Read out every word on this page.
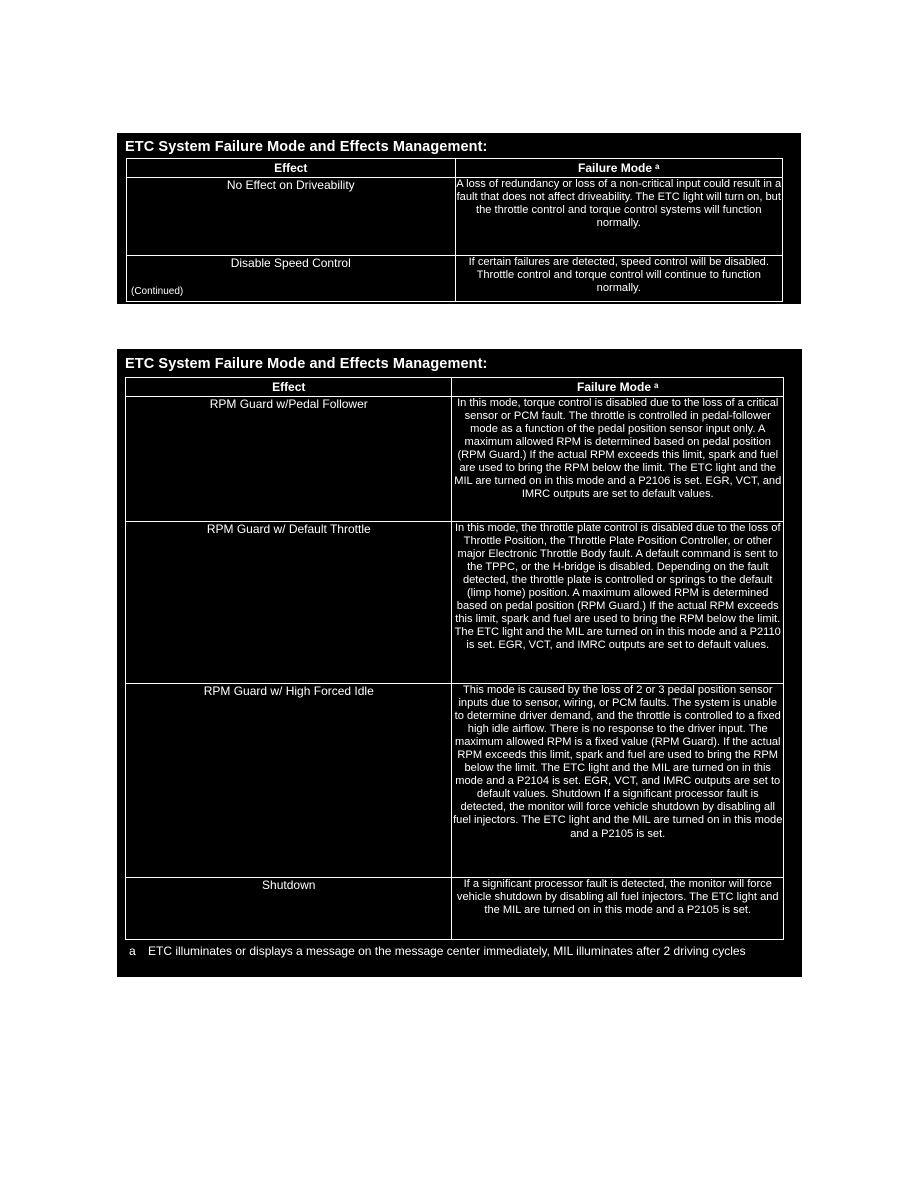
ETC System Failure Mode and Effects Management:
Effect	Failure Mode $^a$
No Effect on Driveability	A loss of redundancy or loss of a non-critical input could result in a fault that does not affect driveability. The ETC light will turn on, but the throttle control and torque control systems will function normally.
Disable Speed Control	If certain failures are detected, speed control will be disabled. Throttle control and torque control will continue to function normally.
(Continued)
ETC System Failure Mode and Effects Management:
Effect	Failure Mode $^a$
RPM Guard w/Pedal Follower	In this mode, torque control is disabled due to the loss of a critical sensor or PCM fault. The throttle is controlled in pedal-follower mode as a function of the pedal position sensor input only. A maximum allowed RPM is determined based on pedal position (RPM Guard.) If the actual RPM exceeds this limit, spark and fuel are used to bring the RPM below the limit. The ETC light and the MIL are turned on in this mode and a P2106 is set. EGR, VCT, and IMRC outputs are set to default values.
RPM Guard w/ Default Throttle	In this mode, the throttle plate control is disabled due to the loss of Throttle Position, the Throttle Plate Position Controller, or other major Electronic Throttle Body fault. A default command is sent to the TPPC, or the H-bridge is disabled. Depending on the fault detected, the throttle plate is controlled or springs to the default (limp home) position. A maximum allowed RPM is determined based on pedal position (RPM Guard.) If the actual RPM exceeds this limit, spark and fuel are used to bring the RPM below the limit. The ETC light and the MIL are turned on in this mode and a P2110 is set. EGR, VCT, and IMRC outputs are set to default values.
RPM Guard w/ High Forced Idle	This mode is caused by the loss of 2 or 3 pedal position sensor inputs due to sensor, wiring, or PCM faults. The system is unable to determine driver demand, and the throttle is controlled to a fixed high idle airflow. There is no response to the driver input. The maximum allowed RPM is a fixed value (RPM Guard). If the actual RPM exceeds this limit, spark and fuel are used to bring the RPM below the limit. The ETC light and the MIL are turned on in this mode and a P2104 is set. EGR, VCT, and IMRC outputs are set to default values. Shutdown If a significant processor fault is detected, the monitor will force vehicle shutdown by disabling all fuel injectors. The ETC light and the MIL are turned on in this mode and a P2105 is set.
Shutdown	If a significant processor fault is detected, the monitor will force vehicle shutdown by disabling all fuel injectors. The ETC light and the MIL are turned on in this mode and a P2105 is set.
a ETC illuminates or displays a message on the message center immediately, MIL illuminates after 2 driving cycles
